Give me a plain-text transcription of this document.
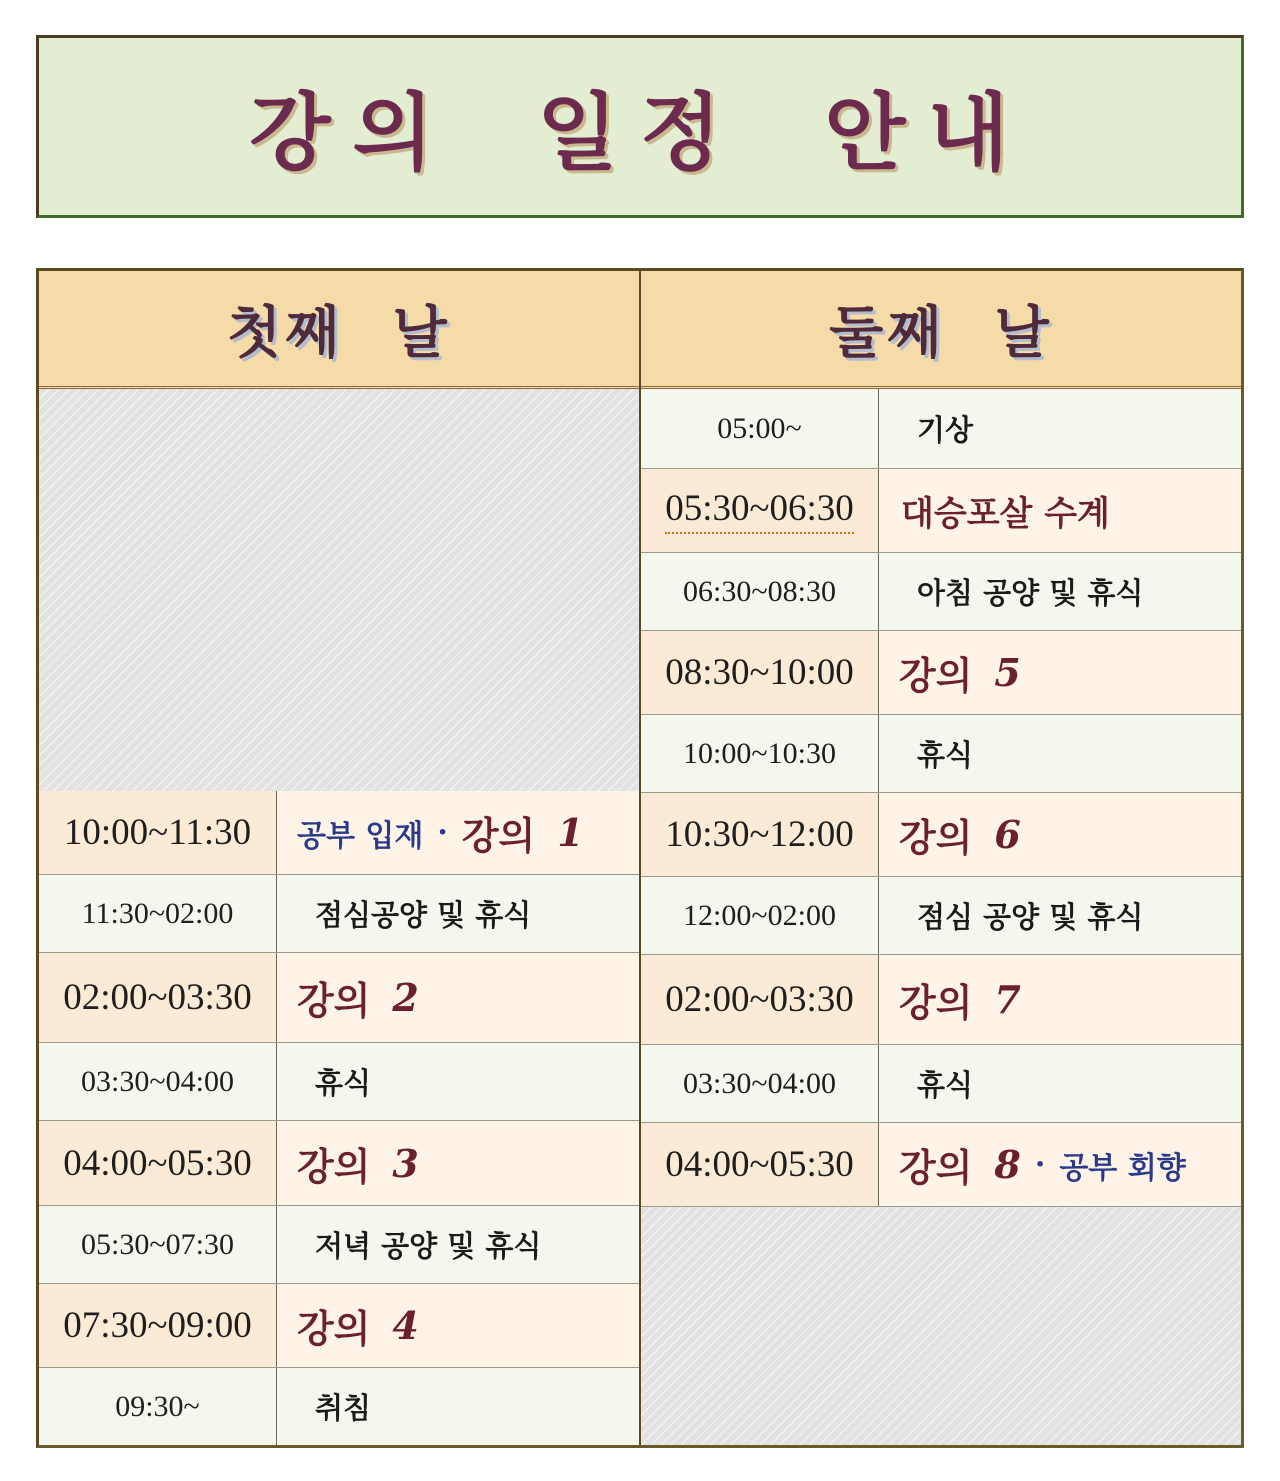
강의 일정 안내
첫째 날
10:00~11:30	공부 입재 · 강의 1
11:30~02:00	점심공양 및 휴식
02:00~03:30	강의 2
03:30~04:00	휴식
04:00~05:30	강의 3
05:30~07:30	저녁 공양 및 휴식
07:30~09:00	강의 4
09:30~	취침
둘째 날
05:00~	기상
05:30~06:30	대승포살 수계
06:30~08:30	아침 공양 및 휴식
08:30~10:00	강의 5
10:00~10:30	휴식
10:30~12:00	강의 6
12:00~02:00	점심 공양 및 휴식
02:00~03:30	강의 7
03:30~04:00	휴식
04:00~05:30	강의 8 · 공부 회향
